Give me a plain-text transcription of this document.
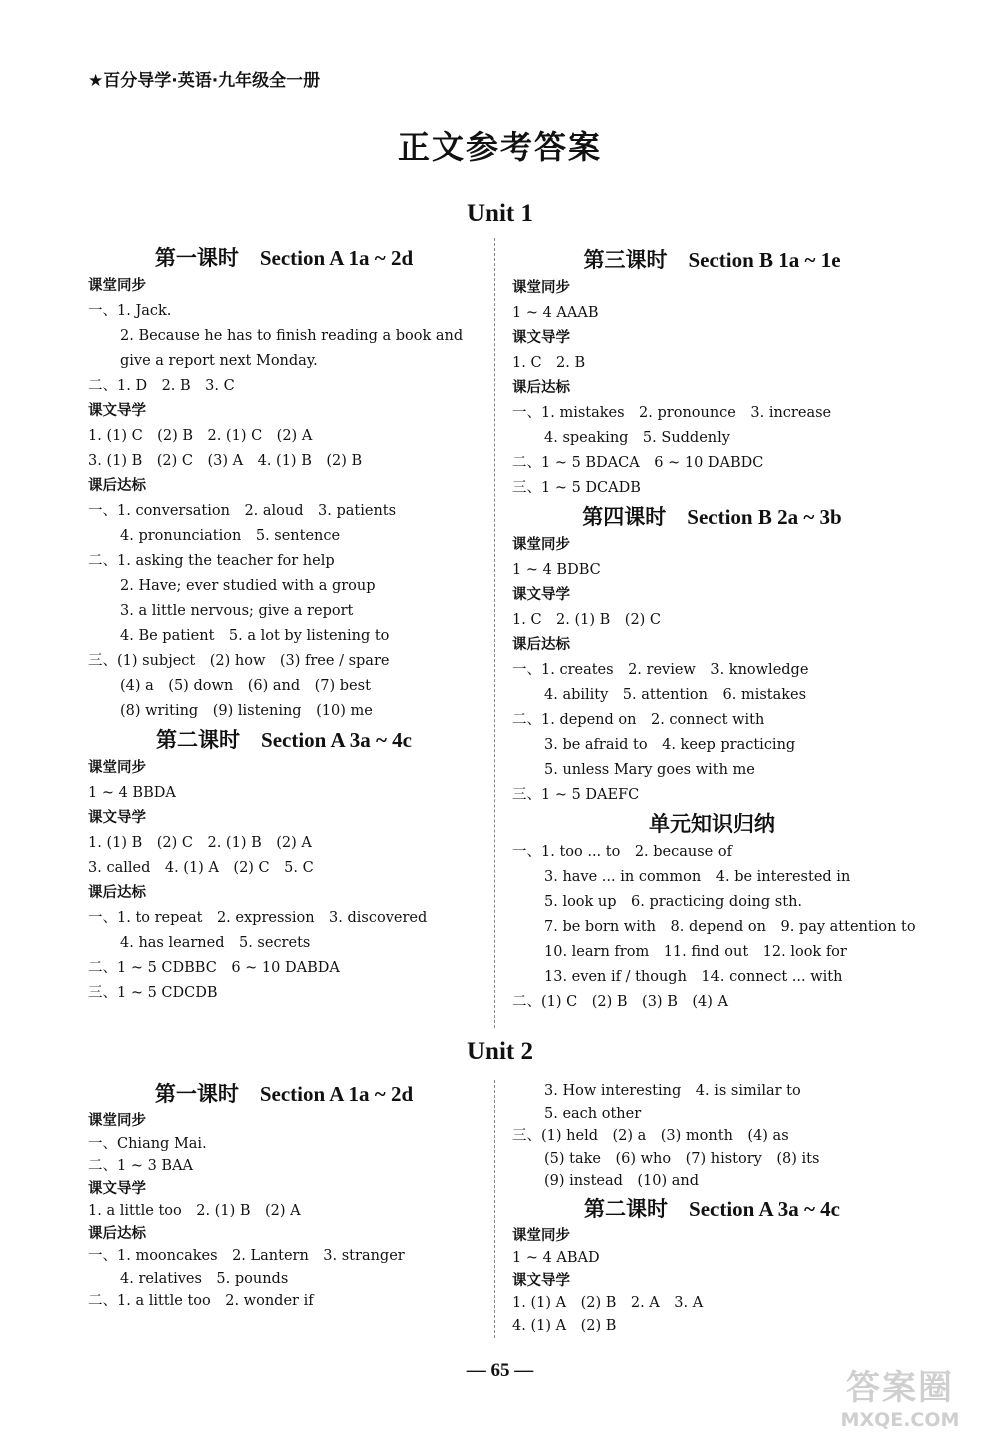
★百分导学·英语·九年级全一册
正文参考答案
Unit 1
第一课时　Section A 1a ~ 2d
课堂同步
一、1. Jack.
2. Because he has to finish reading a book and
give a report next Monday.
二、1. D　2. B　3. C
课文导学
1. (1) C　(2) B　2. (1) C　(2) A
3. (1) B　(2) C　(3) A　4. (1) B　(2) B
课后达标
一、1. conversation　2. aloud　3. patients
4. pronunciation　5. sentence
二、1. asking the teacher for help
2. Have; ever studied with a group
3. a little nervous; give a report
4. Be patient　5. a lot by listening to
三、(1) subject　(2) how　(3) free / spare
(4) a　(5) down　(6) and　(7) best
(8) writing　(9) listening　(10) me
第二课时　Section A 3a ~ 4c
课堂同步
1 ~ 4 BBDA
课文导学
1. (1) B　(2) C　2. (1) B　(2) A
3. called　4. (1) A　(2) C　5. C
课后达标
一、1. to repeat　2. expression　3. discovered
4. has learned　5. secrets
二、1 ~ 5 CDBBC　6 ~ 10 DABDA
三、1 ~ 5 CDCDB
第三课时　Section B 1a ~ 1e
课堂同步
1 ~ 4 AAAB
课文导学
1. C　2. B
课后达标
一、1. mistakes　2. pronounce　3. increase
4. speaking　5. Suddenly
二、1 ~ 5 BDACA　6 ~ 10 DABDC
三、1 ~ 5 DCADB
第四课时　Section B 2a ~ 3b
课堂同步
1 ~ 4 BDBC
课文导学
1. C　2. (1) B　(2) C
课后达标
一、1. creates　2. review　3. knowledge
4. ability　5. attention　6. mistakes
二、1. depend on　2. connect with
3. be afraid to　4. keep practicing
5. unless Mary goes with me
三、1 ~ 5 DAEFC
单元知识归纳
一、1. too ... to　2. because of
3. have ... in common　4. be interested in
5. look up　6. practicing doing sth.
7. be born with　8. depend on　9. pay attention to
10. learn from　11. find out　12. look for
13. even if / though　14. connect ... with
二、(1) C　(2) B　(3) B　(4) A
Unit 2
第一课时　Section A 1a ~ 2d
课堂同步
一、Chiang Mai.
二、1 ~ 3 BAA
课文导学
1. a little too　2. (1) B　(2) A
课后达标
一、1. mooncakes　2. Lantern　3. stranger
4. relatives　5. pounds
二、1. a little too　2. wonder if
3. How interesting　4. is similar to
5. each other
三、(1) held　(2) a　(3) month　(4) as
(5) take　(6) who　(7) history　(8) its
(9) instead　(10) and
第二课时　Section A 3a ~ 4c
课堂同步
1 ~ 4 ABAD
课文导学
1. (1) A　(2) B　2. A　3. A
4. (1) A　(2) B
— 65 —	答案圈
MXQE.COM
